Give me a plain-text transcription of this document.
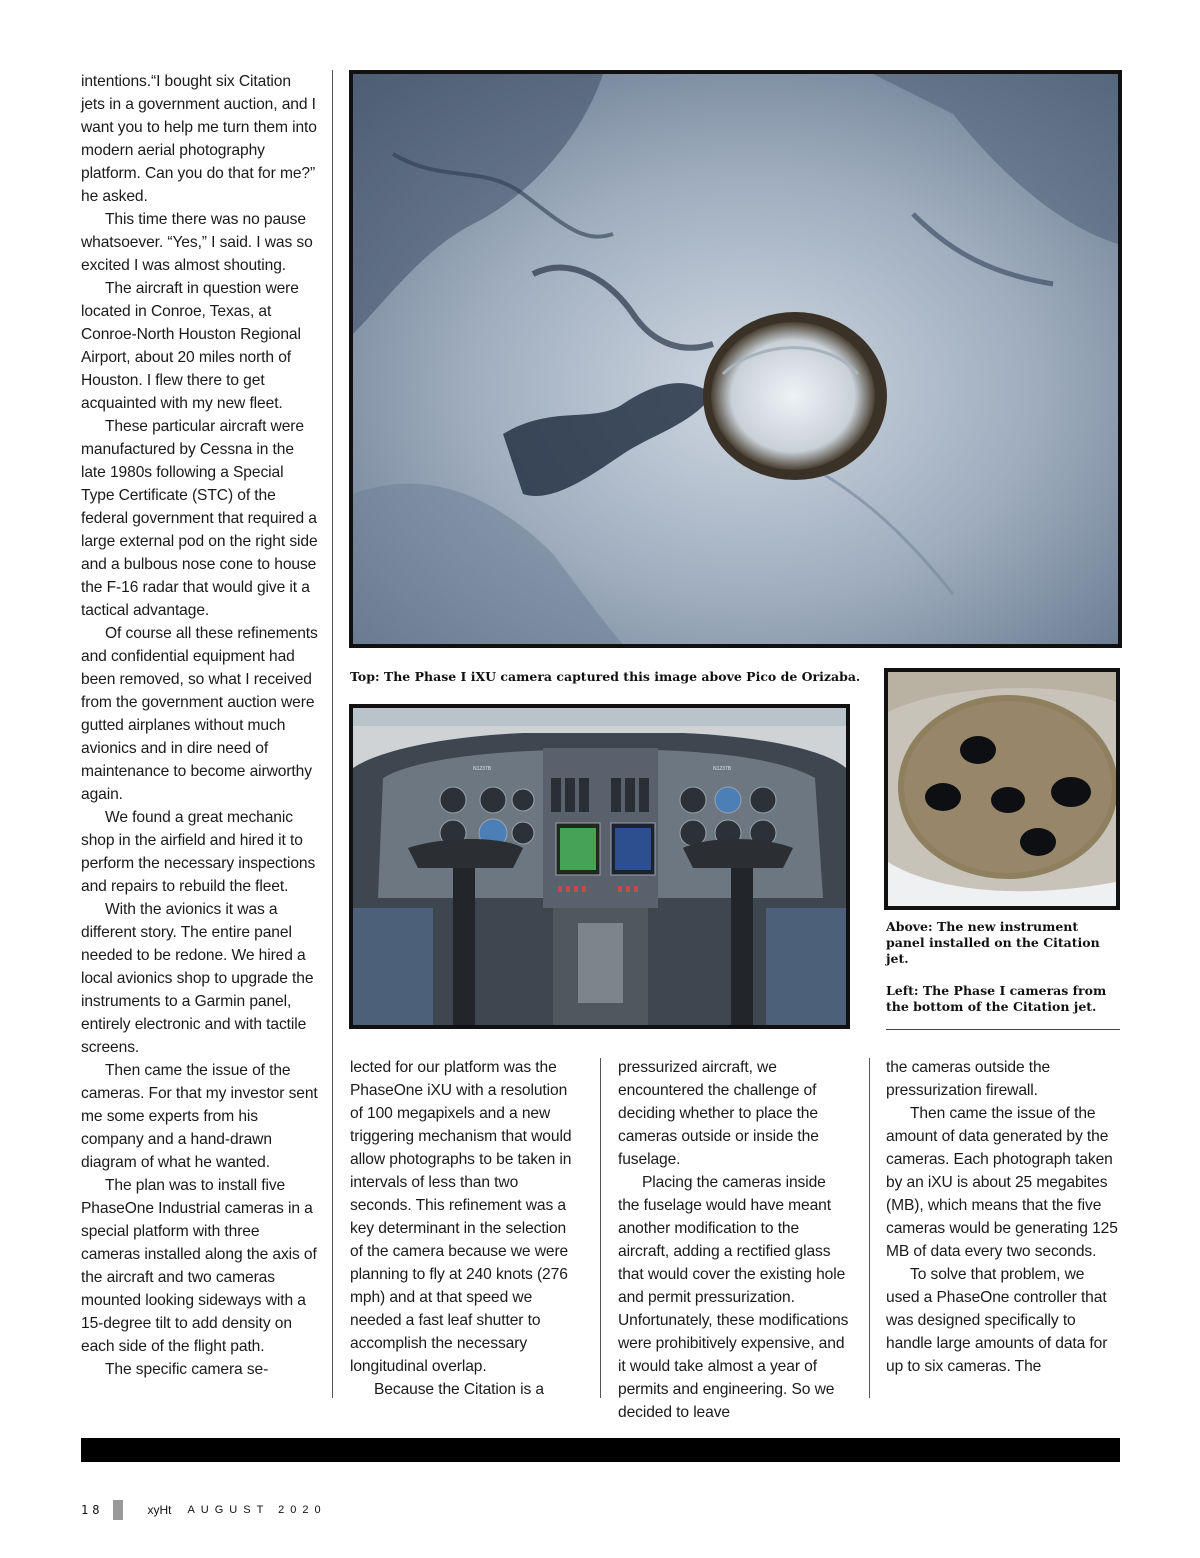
intentions.“I bought six Citation jets in a government auction, and I want you to help me turn them into modern aerial photography platform. Can you do that for me?” he asked.

This time there was no pause whatsoever. “Yes,” I said. I was so excited I was almost shouting.

The aircraft in question were located in Conroe, Texas, at Conroe-North Houston Regional Airport, about 20 miles north of Houston. I flew there to get acquainted with my new fleet.

These particular aircraft were manufactured by Cessna in the late 1980s following a Special Type Certificate (STC) of the federal government that required a large external pod on the right side and a bulbous nose cone to house the F-16 radar that would give it a tactical advantage.

Of course all these refinements and confidential equipment had been removed, so what I received from the government auction were gutted airplanes without much avionics and in dire need of maintenance to become airworthy again.

We found a great mechanic shop in the airfield and hired it to perform the necessary inspections and repairs to rebuild the fleet.

With the avionics it was a different story. The entire panel needed to be redone. We hired a local avionics shop to upgrade the instruments to a Garmin panel, entirely electronic and with tactile screens.

Then came the issue of the cameras. For that my investor sent me some experts from his company and a hand-drawn diagram of what he wanted.

The plan was to install five PhaseOne Industrial cameras in a special platform with three cameras installed along the axis of the aircraft and two cameras mounted looking sideways with a 15-degree tilt to add density on each side of the flight path.

The specific camera se-

Top: The Phase I iXU camera captured this image above Pico de Orizaba.

N1237B	N1237B

Above: The new instrument panel installed on the Citation jet.

Left: The Phase I cameras from the bottom of the Citation jet.

lected for our platform was the PhaseOne iXU with a resolution of 100 megapixels and a new triggering mechanism that would allow photographs to be taken in intervals of less than two seconds. This refinement was a key determinant in the selection of the camera because we were planning to fly at 240 knots (276 mph) and at that speed we needed a fast leaf shutter to accomplish the necessary longitudinal overlap.

Because the Citation is a

pressurized aircraft, we encountered the challenge of deciding whether to place the cameras outside or inside the fuselage.

Placing the cameras inside the fuselage would have meant another modification to the aircraft, adding a rectified glass that would cover the existing hole and permit pressurization. Unfortunately, these modifications were prohibitively expensive, and it would take almost a year of permits and engineering. So we decided to leave

the cameras outside the pressurization firewall.

Then came the issue of the amount of data generated by the cameras. Each photograph taken by an iXU is about 25 megabites (MB), which means that the five cameras would be generating 125 MB of data every two seconds.

To solve that problem, we used a PhaseOne controller that was designed specifically to handle large amounts of data for up to six cameras. The

18	xyHt AUGUST 2020
